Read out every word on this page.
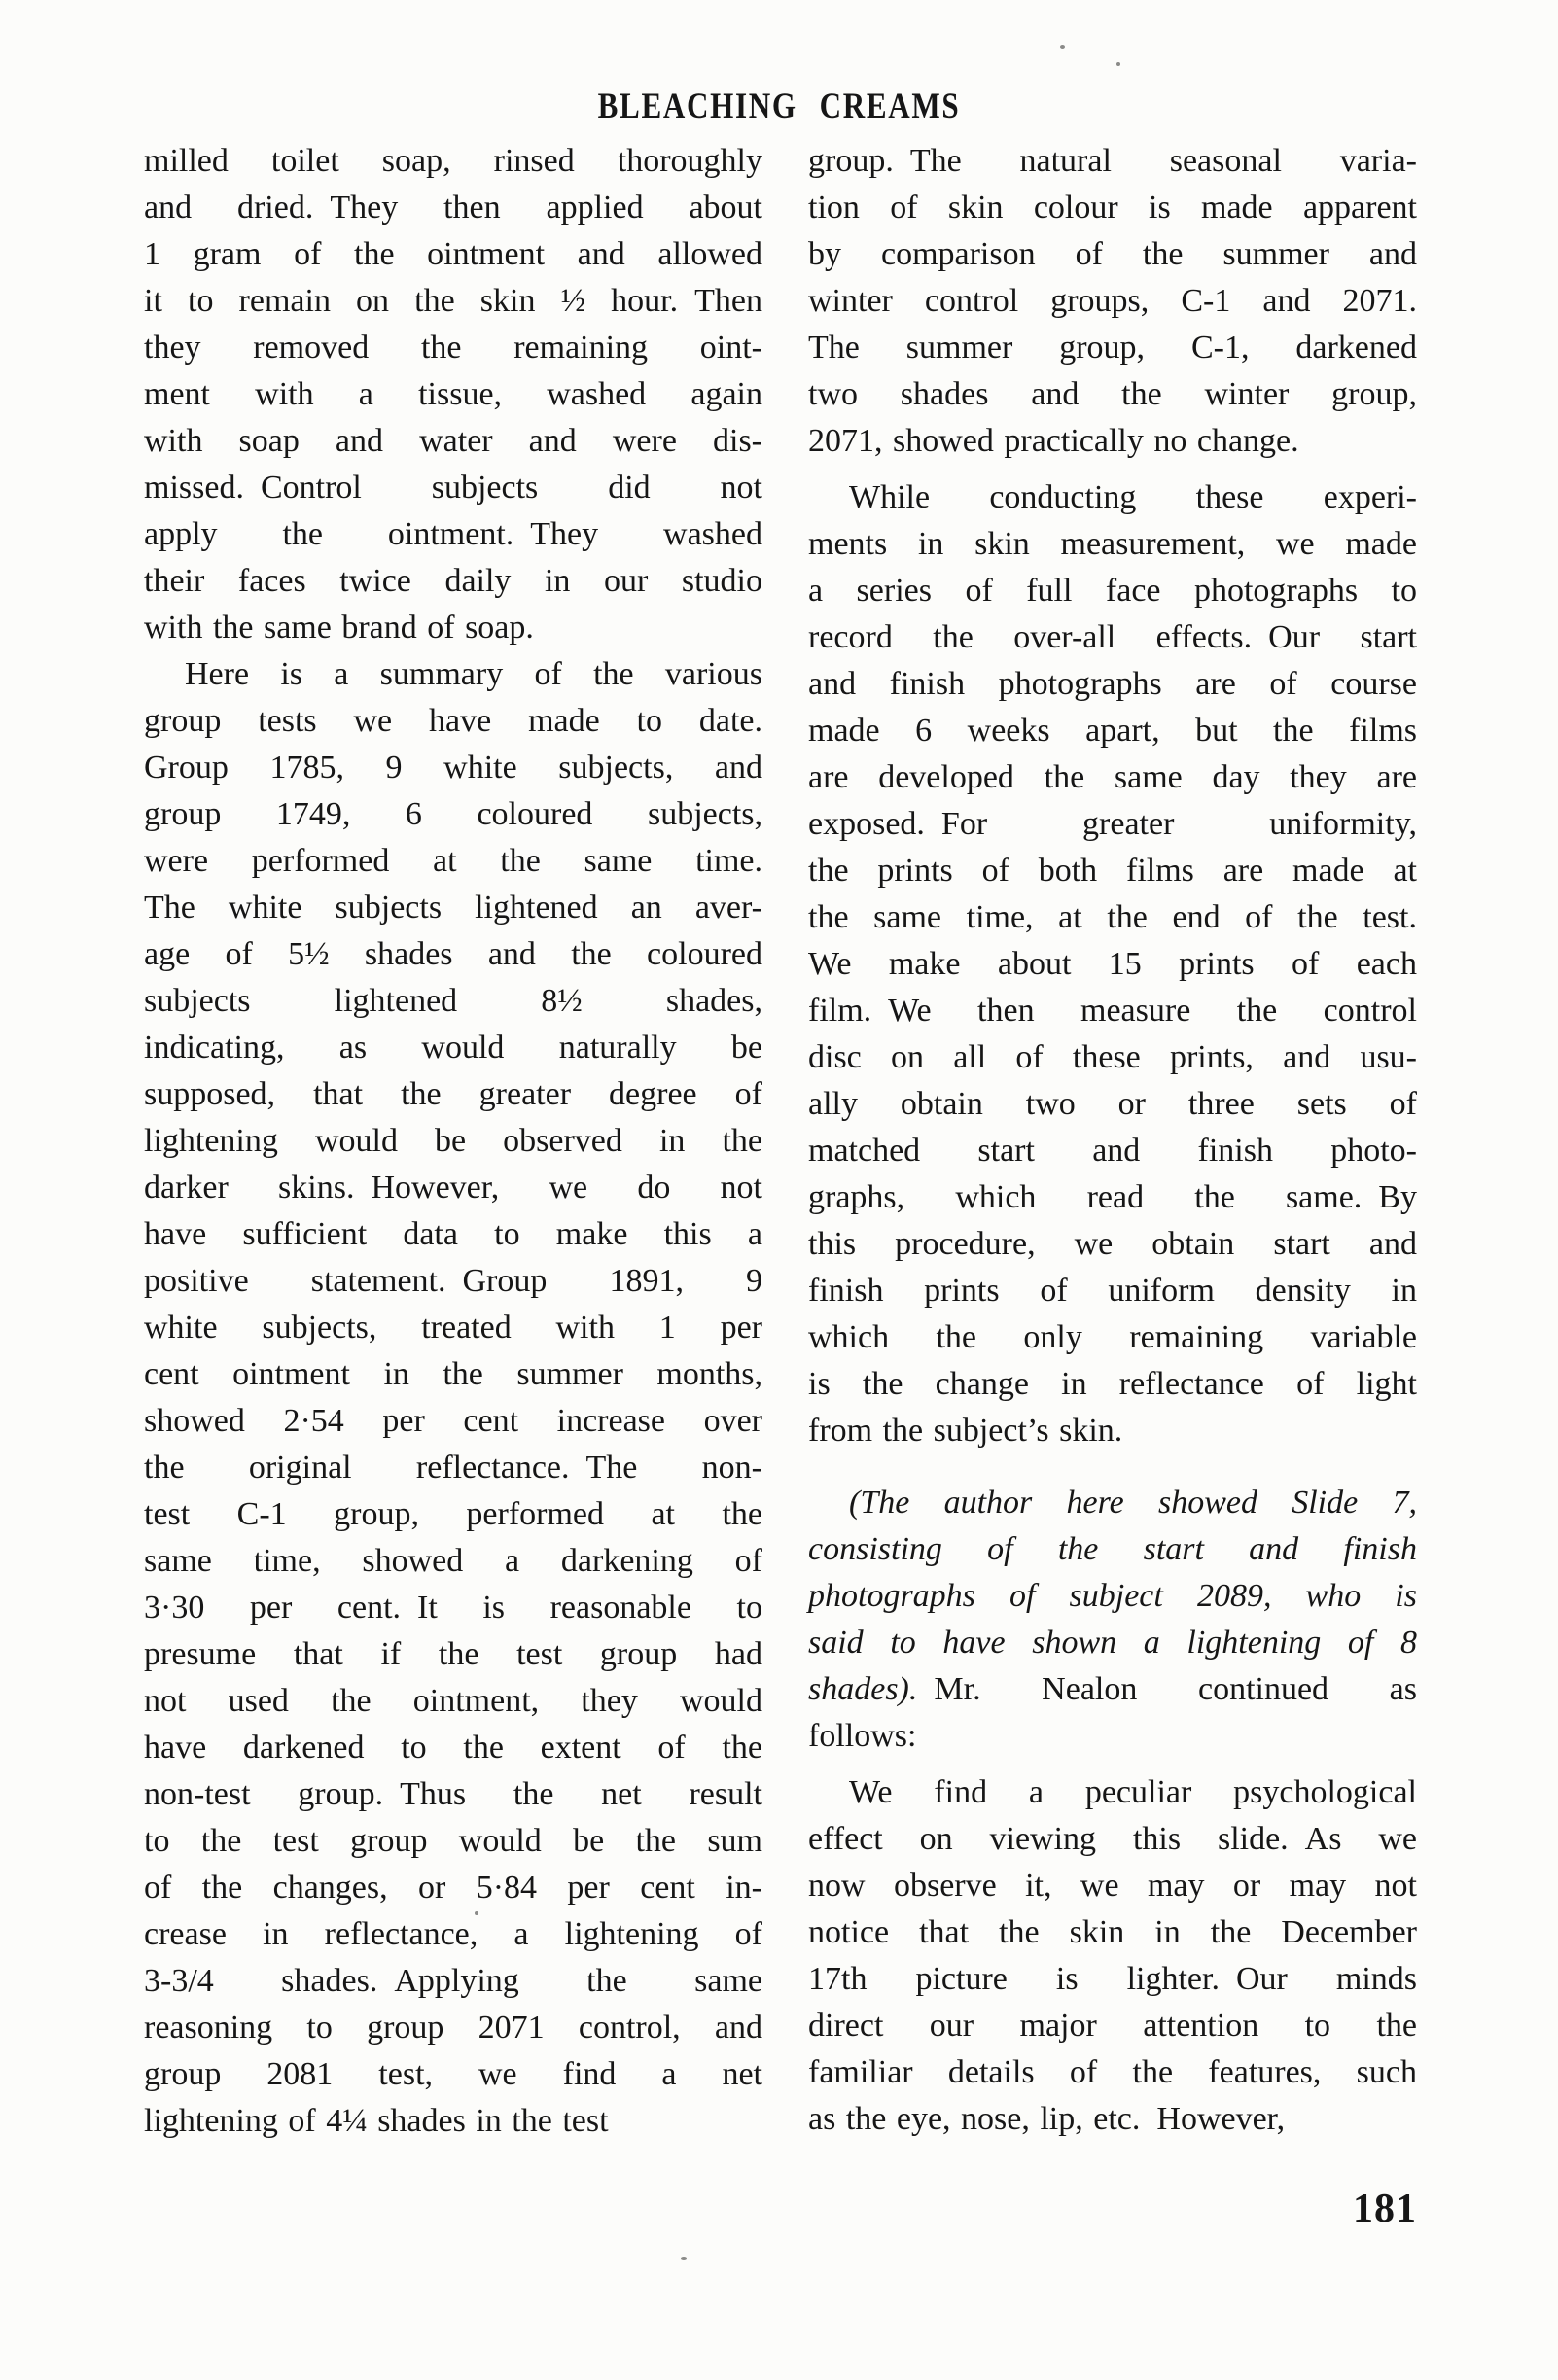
BLEACHING CREAMS
milled toilet soap, rinsed thoroughly
and dried. They then applied about
1 gram of the ointment and allowed
it to remain on the skin ½ hour. Then
they removed the remaining oint-
ment with a tissue, washed again
with soap and water and were dis-
missed. Control subjects did not
apply the ointment. They washed
their faces twice daily in our studio
with the same brand of soap.
Here is a summary of the various
group tests we have made to date.
Group 1785, 9 white subjects, and
group 1749, 6 coloured subjects,
were performed at the same time.
The white subjects lightened an aver-
age of 5½ shades and the coloured
subjects lightened 8½ shades,
indicating, as would naturally be
supposed, that the greater degree of
lightening would be observed in the
darker skins. However, we do not
have sufficient data to make this a
positive statement. Group 1891, 9
white subjects, treated with 1 per
cent ointment in the summer months,
showed 2·54 per cent increase over
the original reflectance. The non-
test C-1 group, performed at the
same time, showed a darkening of
3·30 per cent. It is reasonable to
presume that if the test group had
not used the ointment, they would
have darkened to the extent of the
non-test group. Thus the net result
to the test group would be the sum
of the changes, or 5·84 per cent in-
crease in reflectance, a lightening of
3-3/4 shades. Applying the same
reasoning to group 2071 control, and
group 2081 test, we find a net
lightening of 4¼ shades in the test
group. The natural seasonal varia-
tion of skin colour is made apparent
by comparison of the summer and
winter control groups, C-1 and 2071.
The summer group, C-1, darkened
two shades and the winter group,
2071, showed practically no change.
While conducting these experi-
ments in skin measurement, we made
a series of full face photographs to
record the over-all effects. Our start
and finish photographs are of course
made 6 weeks apart, but the films
are developed the same day they are
exposed. For greater uniformity,
the prints of both films are made at
the same time, at the end of the test.
We make about 15 prints of each
film. We then measure the control
disc on all of these prints, and usu-
ally obtain two or three sets of
matched start and finish photo-
graphs, which read the same. By
this procedure, we obtain start and
finish prints of uniform density in
which the only remaining variable
is the change in reflectance of light
from the subject’s skin.
(The author here showed Slide 7,
consisting of the start and finish
photographs of subject 2089, who is
said to have shown a lightening of 8
shades). Mr. Nealon continued as
follows:
We find a peculiar psychological
effect on viewing this slide. As we
now observe it, we may or may not
notice that the skin in the December
17th picture is lighter. Our minds
direct our major attention to the
familiar details of the features, such
as the eye, nose, lip, etc. However,
181
